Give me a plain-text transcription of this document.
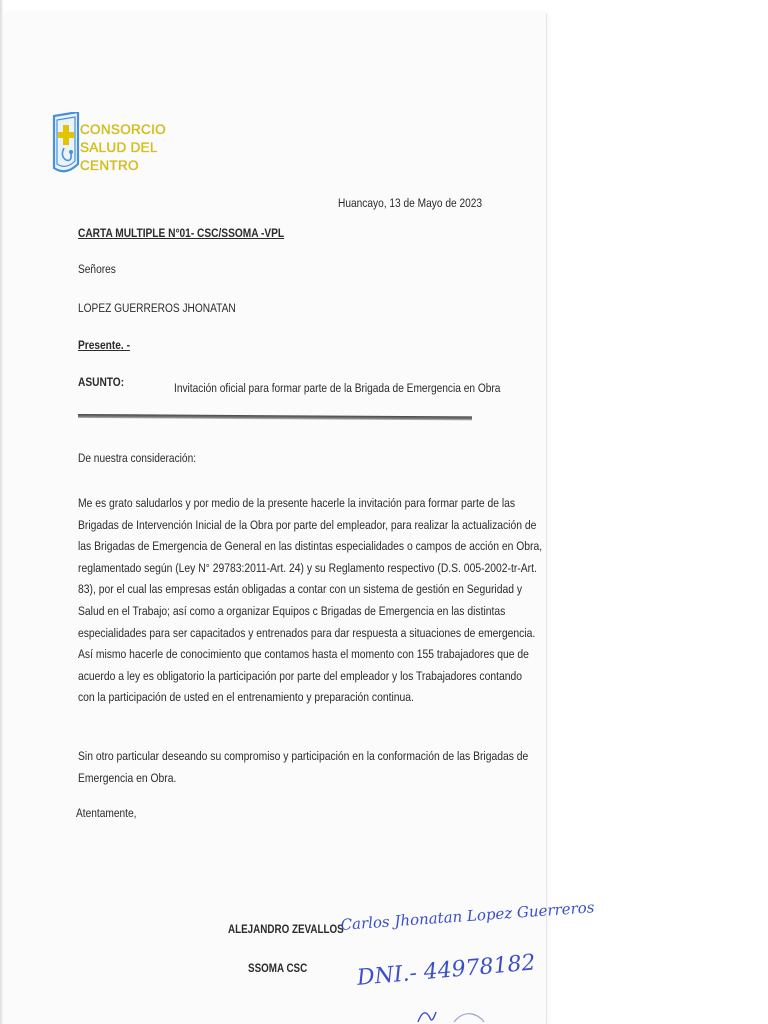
CONSORCIO
SALUD DEL
CENTRO
Huancayo, 13 de Mayo de 2023
CARTA MULTIPLE N°01- CSC/SSOMA -VPL
Señores
LOPEZ GUERREROS JHONATAN
Presente. -
ASUNTO:	Invitación oficial para formar parte de la Brigada de Emergencia en Obra
De nuestra consideración:
Me es grato saludarlos y por medio de la presente hacerle la invitación para formar parte de las
Brigadas de Intervención Inicial de la Obra por parte del empleador, para realizar la actualización de
las Brigadas de Emergencia de General en las distintas especialidades o campos de acción en Obra,
reglamentado según (Ley N° 29783:2011-Art. 24) y su Reglamento respectivo (D.S. 005-2002-tr-Art.
83), por el cual las empresas están obligadas a contar con un sistema de gestión en Seguridad y
Salud en el Trabajo; así como a organizar Equipos c Brigadas de Emergencia en las distintas
especialidades para ser capacitados y entrenados para dar respuesta a situaciones de emergencia.
Así mismo hacerle de conocimiento que contamos hasta el momento con 155 trabajadores que de
acuerdo a ley es obligatorio la participación por parte del empleador y los Trabajadores contando
con la participación de usted en el entrenamiento y preparación continua.
Sin otro particular deseando su compromiso y participación en la conformación de las Brigadas de
Emergencia en Obra.
Atentamente,
ALEJANDRO ZEVALLOS
SSOMA CSC
Carlos Jhonatan Lopez Guerreros
DNI.- 44978182
